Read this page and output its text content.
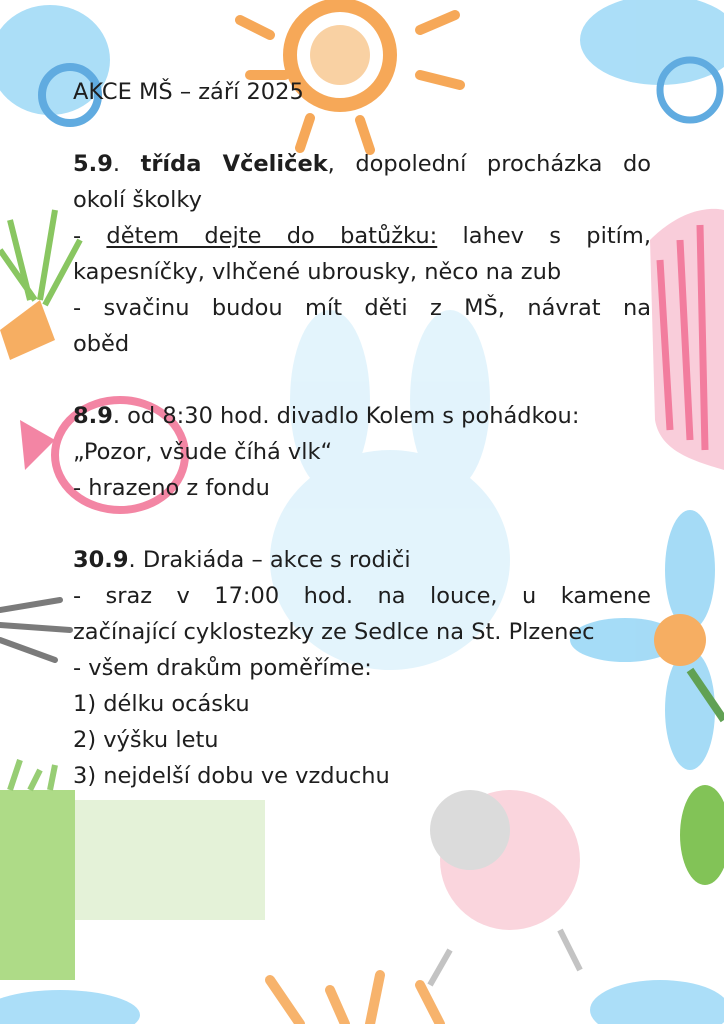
AKCE MŠ – září 2025

5.9. třída Včeliček, dopolední procházka do

okolí školky

- dětem dejte do batůžku: lahev s pitím,

kapesníčky, vlhčené ubrousky, něco na zub

- svačinu budou mít děti z MŠ, návrat na

oběd

8.9. od 8:30 hod. divadlo Kolem s pohádkou:

„Pozor, všude číhá vlk“

- hrazeno z fondu

30.9. Drakiáda – akce s rodiči

- sraz v 17:00 hod. na louce, u kamene

začínající cyklostezky ze Sedlce na St. Plzenec

- všem drakům poměříme:

1) délku ocásku

2) výšku letu

3) nejdelší dobu ve vzduchu
